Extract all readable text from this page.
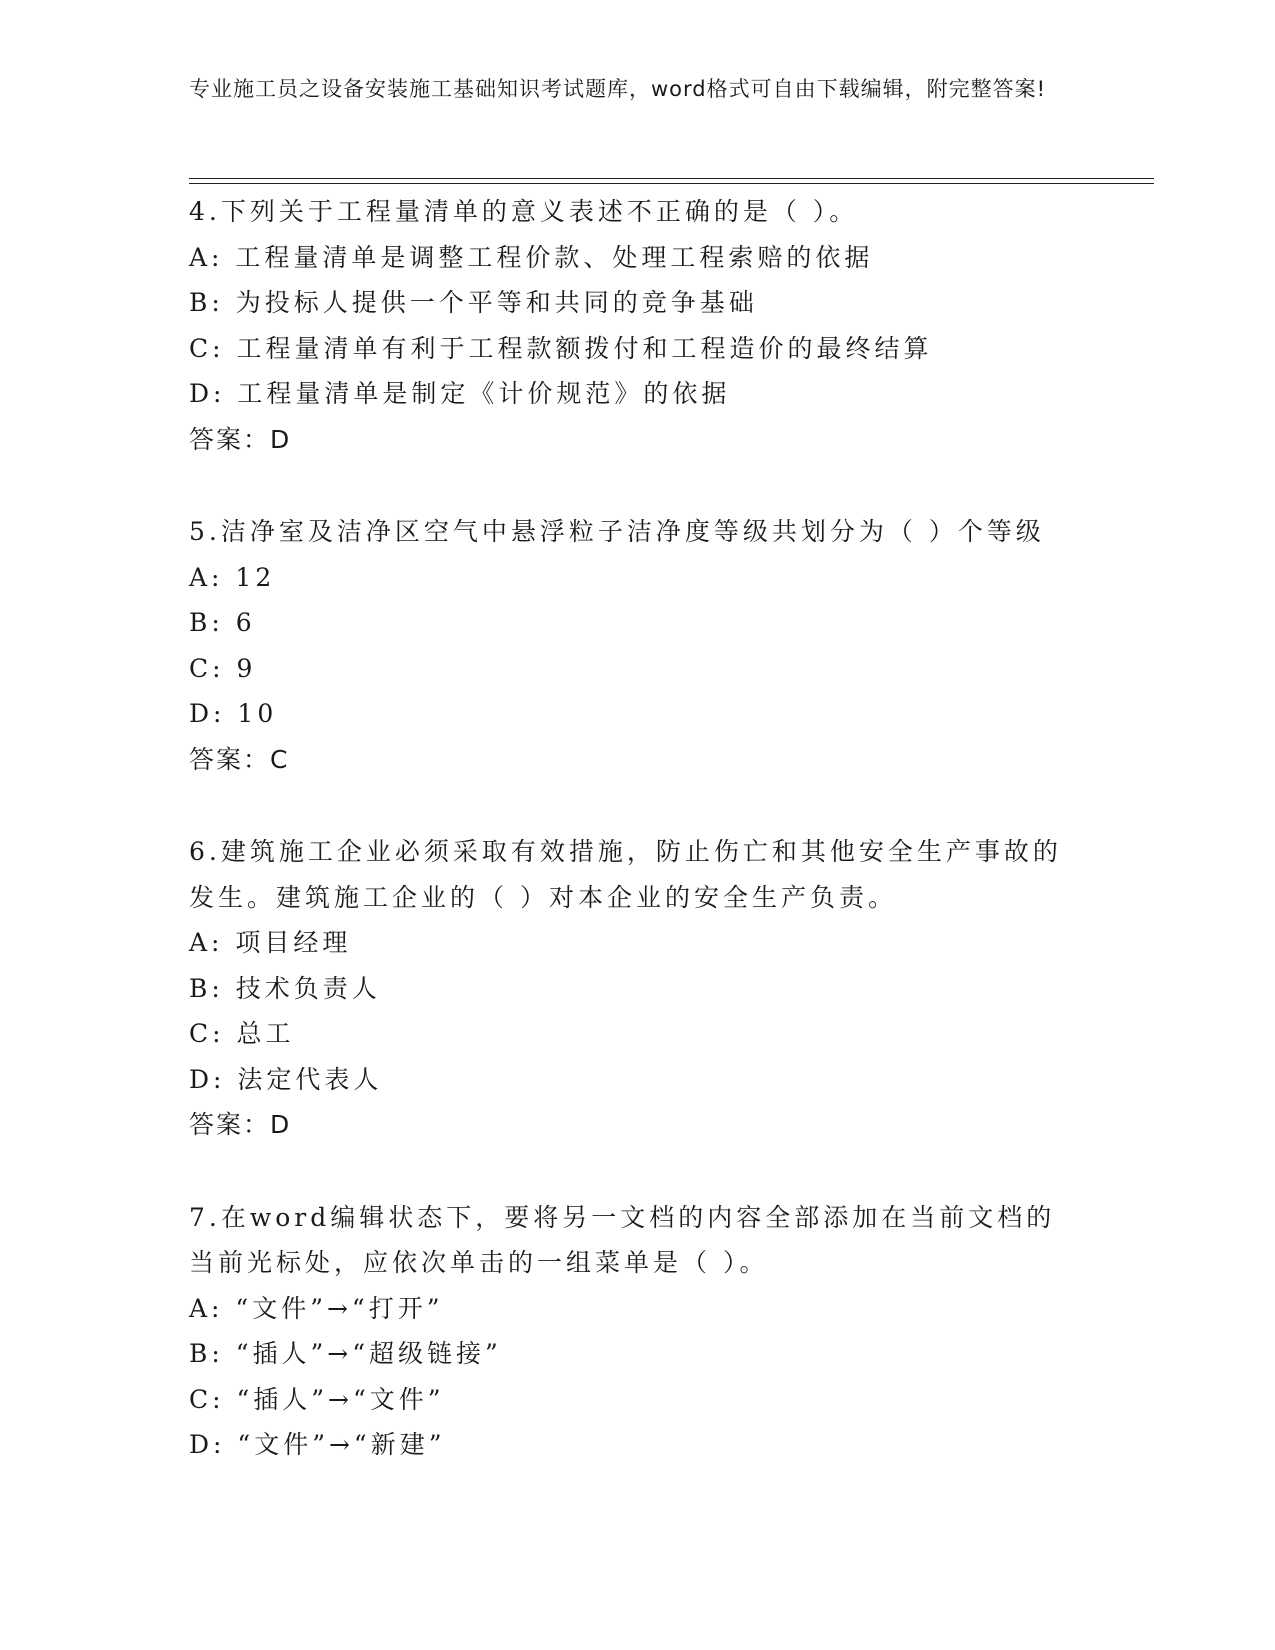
专业施工员之设备安装施工基础知识考试题库，word格式可自由下载编辑，附完整答案!
4.下列关于工程量清单的意义表述不正确的是（ ）。
A: 工程量清单是调整工程价款、处理工程索赔的依据
B: 为投标人提供一个平等和共同的竞争基础
C: 工程量清单有利于工程款额拨付和工程造价的最终结算
D: 工程量清单是制定《计价规范》的依据
答案：D
5.洁净室及洁净区空气中悬浮粒子洁净度等级共划分为（ ）个等级
A: 12
B: 6
C: 9
D: 10
答案：C
6.建筑施工企业必须采取有效措施，防止伤亡和其他安全生产事故的发生。建筑施工企业的（ ）对本企业的安全生产负责。
A: 项目经理
B: 技术负责人
C: 总工
D: 法定代表人
答案：D
7.在word编辑状态下，要将另一文档的内容全部添加在当前文档的当前光标处，应依次单击的一组菜单是（ ）。
A: “文件”→“打开”
B: “插人”→“超级链接”
C: “插人”→“文件”
D: “文件”→“新建”
